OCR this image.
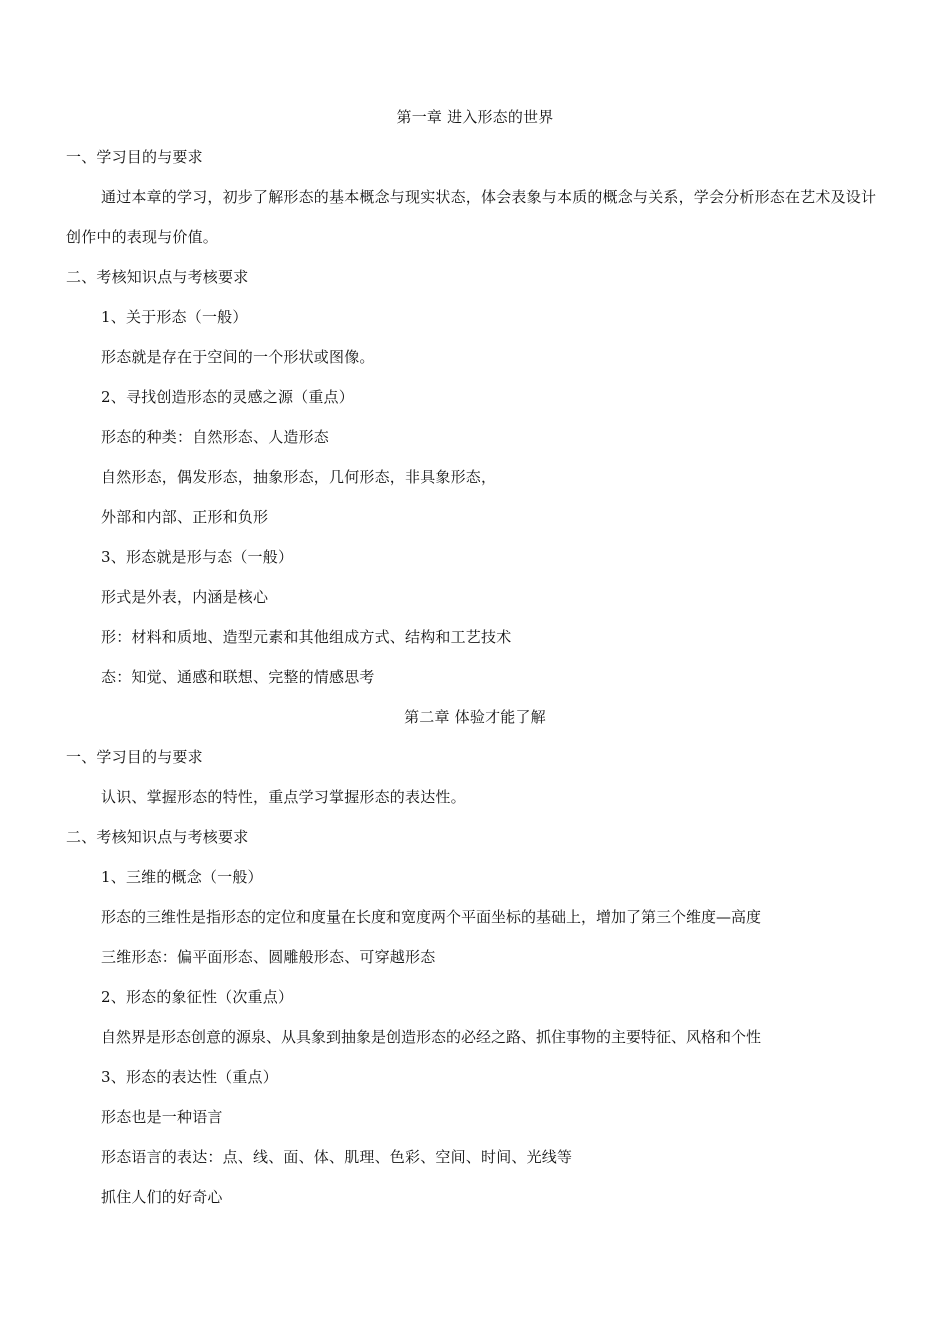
第一章 进入形态的世界
一、学习目的与要求
通过本章的学习，初步了解形态的基本概念与现实状态，体会表象与本质的概念与关系，学会分析形态在艺术及设计创作中的表现与价值。
二、考核知识点与考核要求
1、关于形态（一般）
形态就是存在于空间的一个形状或图像。
2、寻找创造形态的灵感之源（重点）
形态的种类：自然形态、人造形态
自然形态，偶发形态，抽象形态，几何形态，非具象形态，
外部和内部、正形和负形
3、形态就是形与态（一般）
形式是外表，内涵是核心
形：材料和质地、造型元素和其他组成方式、结构和工艺技术
态：知觉、通感和联想、完整的情感思考
第二章 体验才能了解
一、学习目的与要求
认识、掌握形态的特性，重点学习掌握形态的表达性。
二、考核知识点与考核要求
1、三维的概念（一般）
形态的三维性是指形态的定位和度量在长度和宽度两个平面坐标的基础上，增加了第三个维度—高度
三维形态：偏平面形态、圆雕般形态、可穿越形态
2、形态的象征性（次重点）
自然界是形态创意的源泉、从具象到抽象是创造形态的必经之路、抓住事物的主要特征、风格和个性
3、形态的表达性（重点）
形态也是一种语言
形态语言的表达：点、线、面、体、肌理、色彩、空间、时间、光线等
抓住人们的好奇心
